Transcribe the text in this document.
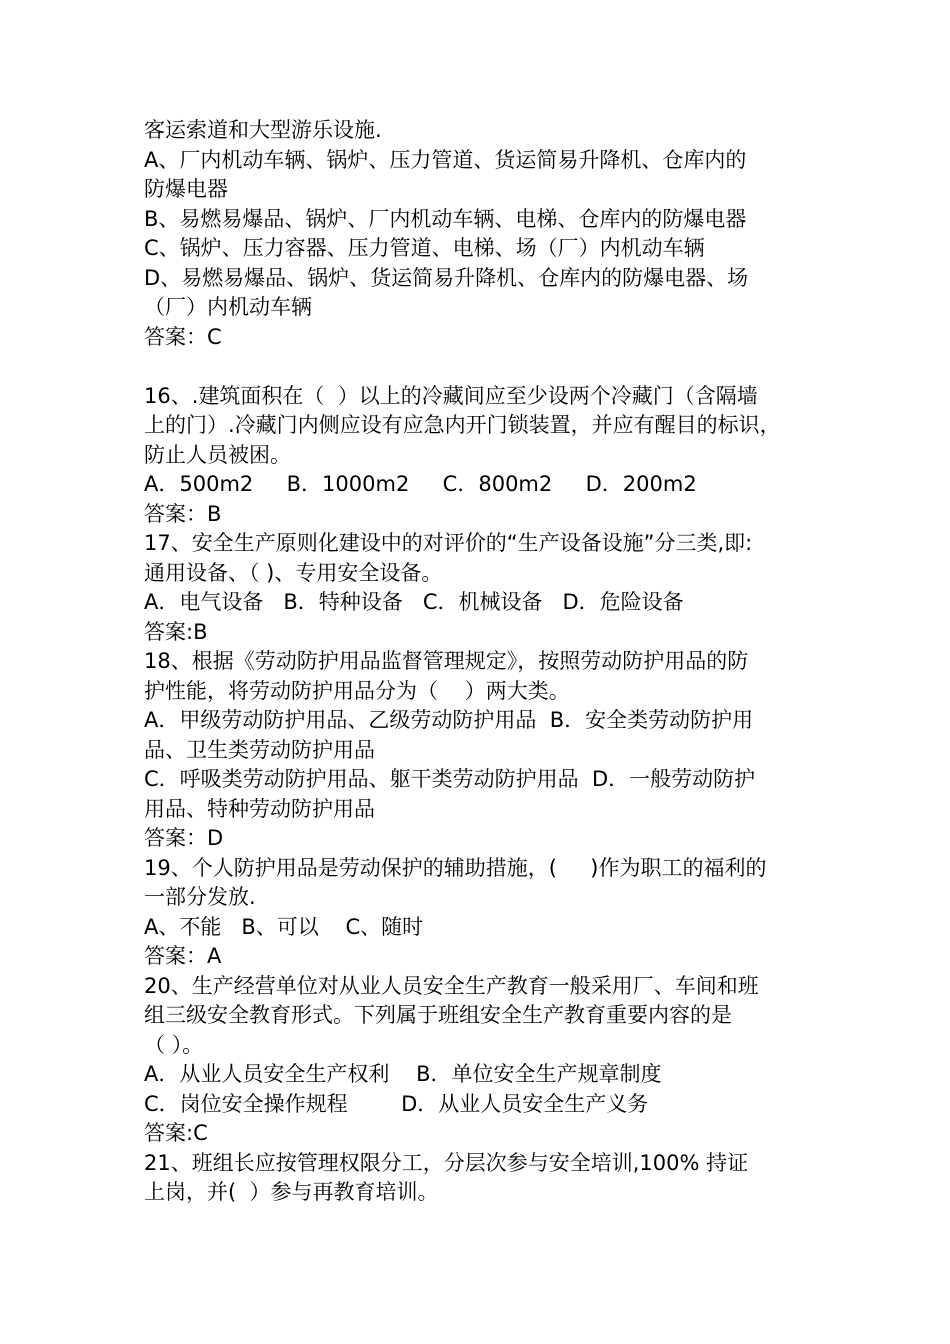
客运索道和大型游乐设施.
A、厂内机动车辆、锅炉、压力管道、货运简易升降机、仓库内的
防爆电器
B、易燃易爆品、锅炉、厂内机动车辆、电梯、仓库内的防爆电器
C、锅炉、压力容器、压力管道、电梯、场（厂）内机动车辆
D、易燃易爆品、锅炉、货运简易升降机、仓库内的防爆电器、场
（厂）内机动车辆
答案：C
16、.建筑面积在（  ）以上的冷藏间应至少设两个冷藏门（含隔墙
上的门）.冷藏门内侧应设有应急内开门锁装置，并应有醒目的标识，
防止人员被困。
A．500m2     B．1000m2     C．800m2     D．200m2
答案：B
17、安全生产原则化建设中的对评价的“生产设备设施”分三类,即:
通用设备、（ )、专用安全设备。
A．电气设备   B．特种设备   C．机械设备   D．危险设备
答案:B
18、根据《劳动防护用品监督管理规定》，按照劳动防护用品的防
护性能，将劳动防护用品分为（    ）两大类。
A．甲级劳动防护用品、乙级劳动防护用品  B．安全类劳动防护用
品、卫生类劳动防护用品
C．呼吸类劳动防护用品、躯干类劳动防护用品  D．一般劳动防护
用品、特种劳动防护用品
答案：D
19、个人防护用品是劳动保护的辅助措施，(     )作为职工的福利的
一部分发放.
A、不能   B、可以    C、随时
答案：A
20、生产经营单位对从业人员安全生产教育一般采用厂、车间和班
组三级安全教育形式。下列属于班组安全生产教育重要内容的是
（ ）。
A．从业人员安全生产权利    B．单位安全生产规章制度
C．岗位安全操作规程        D．从业人员安全生产义务
答案:C
21、班组长应按管理权限分工，分层次参与安全培训,100% 持证
上岗，并(  ）参与再教育培训。
